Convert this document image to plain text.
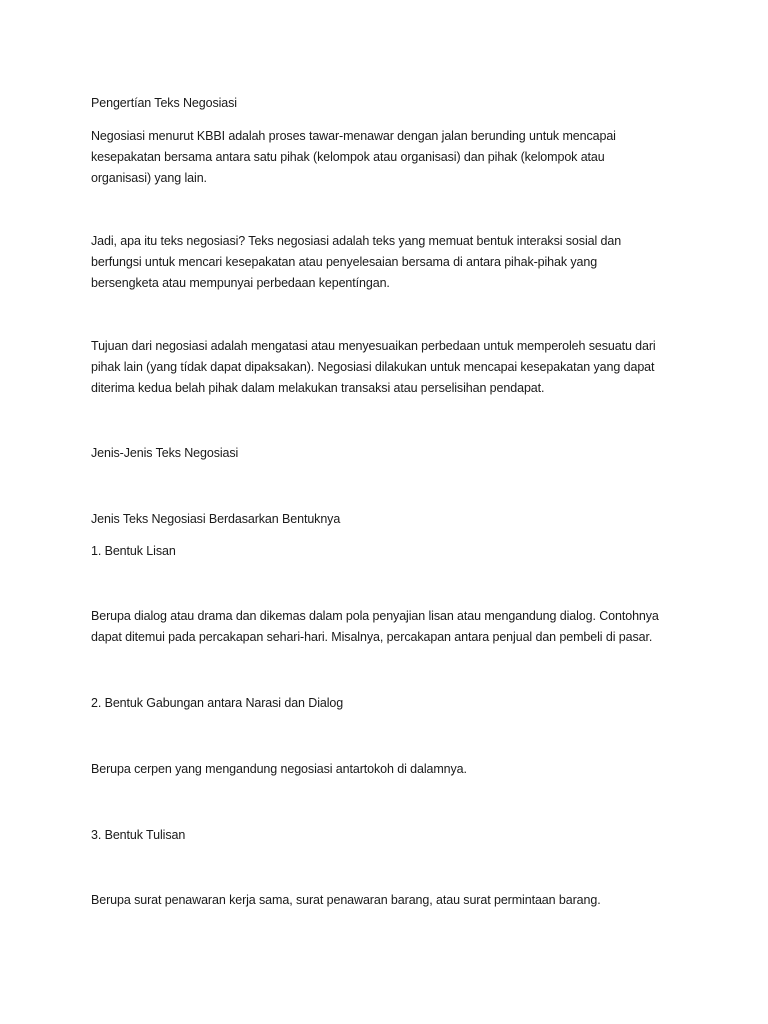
Pengertían Teks Negosiasi

Negosiasi menurut KBBI adalah proses tawar-menawar dengan jalan berunding untuk mencapai kesepakatan bersama antara satu pihak (kelompok atau organisasi) dan pihak (kelompok atau organisasi) yang lain.

Jadi, apa itu teks negosiasi? Teks negosiasi adalah teks yang memuat bentuk interaksi sosial dan berfungsi untuk mencari kesepakatan atau penyelesaian bersama di antara pihak-pihak yang bersengketa atau mempunyai perbedaan kepentíngan.

Tujuan dari negosiasi adalah mengatasi atau menyesuaikan perbedaan untuk memperoleh sesuatu dari pihak lain (yang tídak dapat dipaksakan). Negosiasi dilakukan untuk mencapai kesepakatan yang dapat diterima kedua belah pihak dalam melakukan transaksi atau perselisihan pendapat.

Jenis-Jenis Teks Negosiasi

Jenis Teks Negosiasi Berdasarkan Bentuknya

1. Bentuk Lisan

Berupa dialog atau drama dan dikemas dalam pola penyajian lisan atau mengandung dialog. Contohnya dapat ditemui pada percakapan sehari-hari. Misalnya, percakapan antara penjual dan pembeli di pasar.

2. Bentuk Gabungan antara Narasi dan Dialog

Berupa cerpen yang mengandung negosiasi antartokoh di dalamnya.

3. Bentuk Tulisan

Berupa surat penawaran kerja sama, surat penawaran barang, atau surat permintaan barang.
